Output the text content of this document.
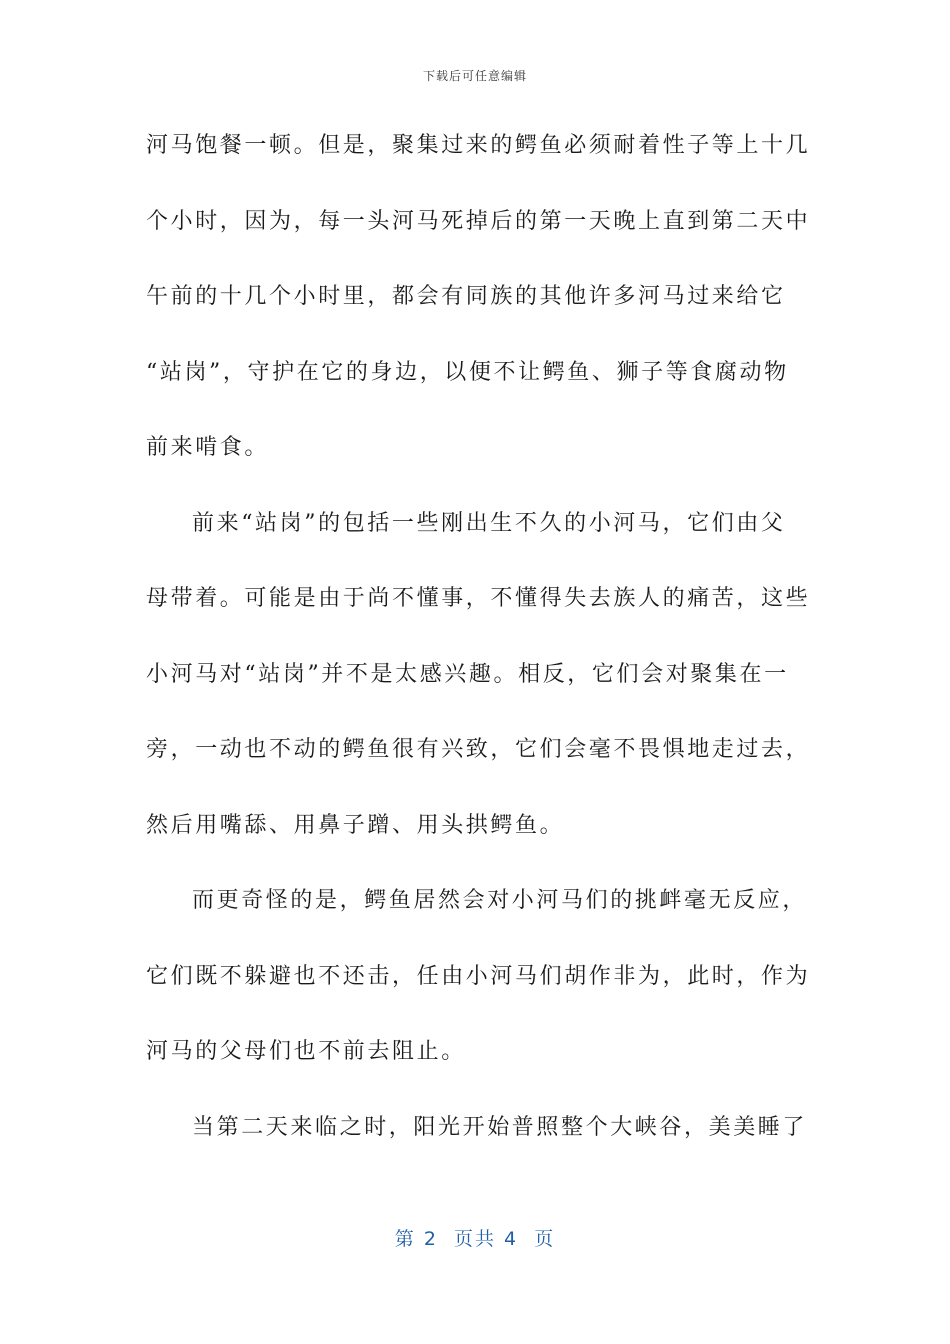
下载后可任意编辑
河马饱餐一顿。但是，聚集过来的鳄鱼必须耐着性子等上十几
个小时，因为，每一头河马死掉后的第一天晚上直到第二天中
午前的十几个小时里，都会有同族的其他许多河马过来给它
“站岗”，守护在它的身边，以便不让鳄鱼、狮子等食腐动物
前来啃食。
前来“站岗”的包括一些刚出生不久的小河马，它们由父
母带着。可能是由于尚不懂事，不懂得失去族人的痛苦，这些
小河马对“站岗”并不是太感兴趣。相反，它们会对聚集在一
旁，一动也不动的鳄鱼很有兴致，它们会毫不畏惧地走过去，
然后用嘴舔、用鼻子蹭、用头拱鳄鱼。
而更奇怪的是，鳄鱼居然会对小河马们的挑衅毫无反应，
它们既不躲避也不还击，任由小河马们胡作非为，此时，作为
河马的父母们也不前去阻止。
当第二天来临之时，阳光开始普照整个大峡谷，美美睡了
第 2  页共 4  页
